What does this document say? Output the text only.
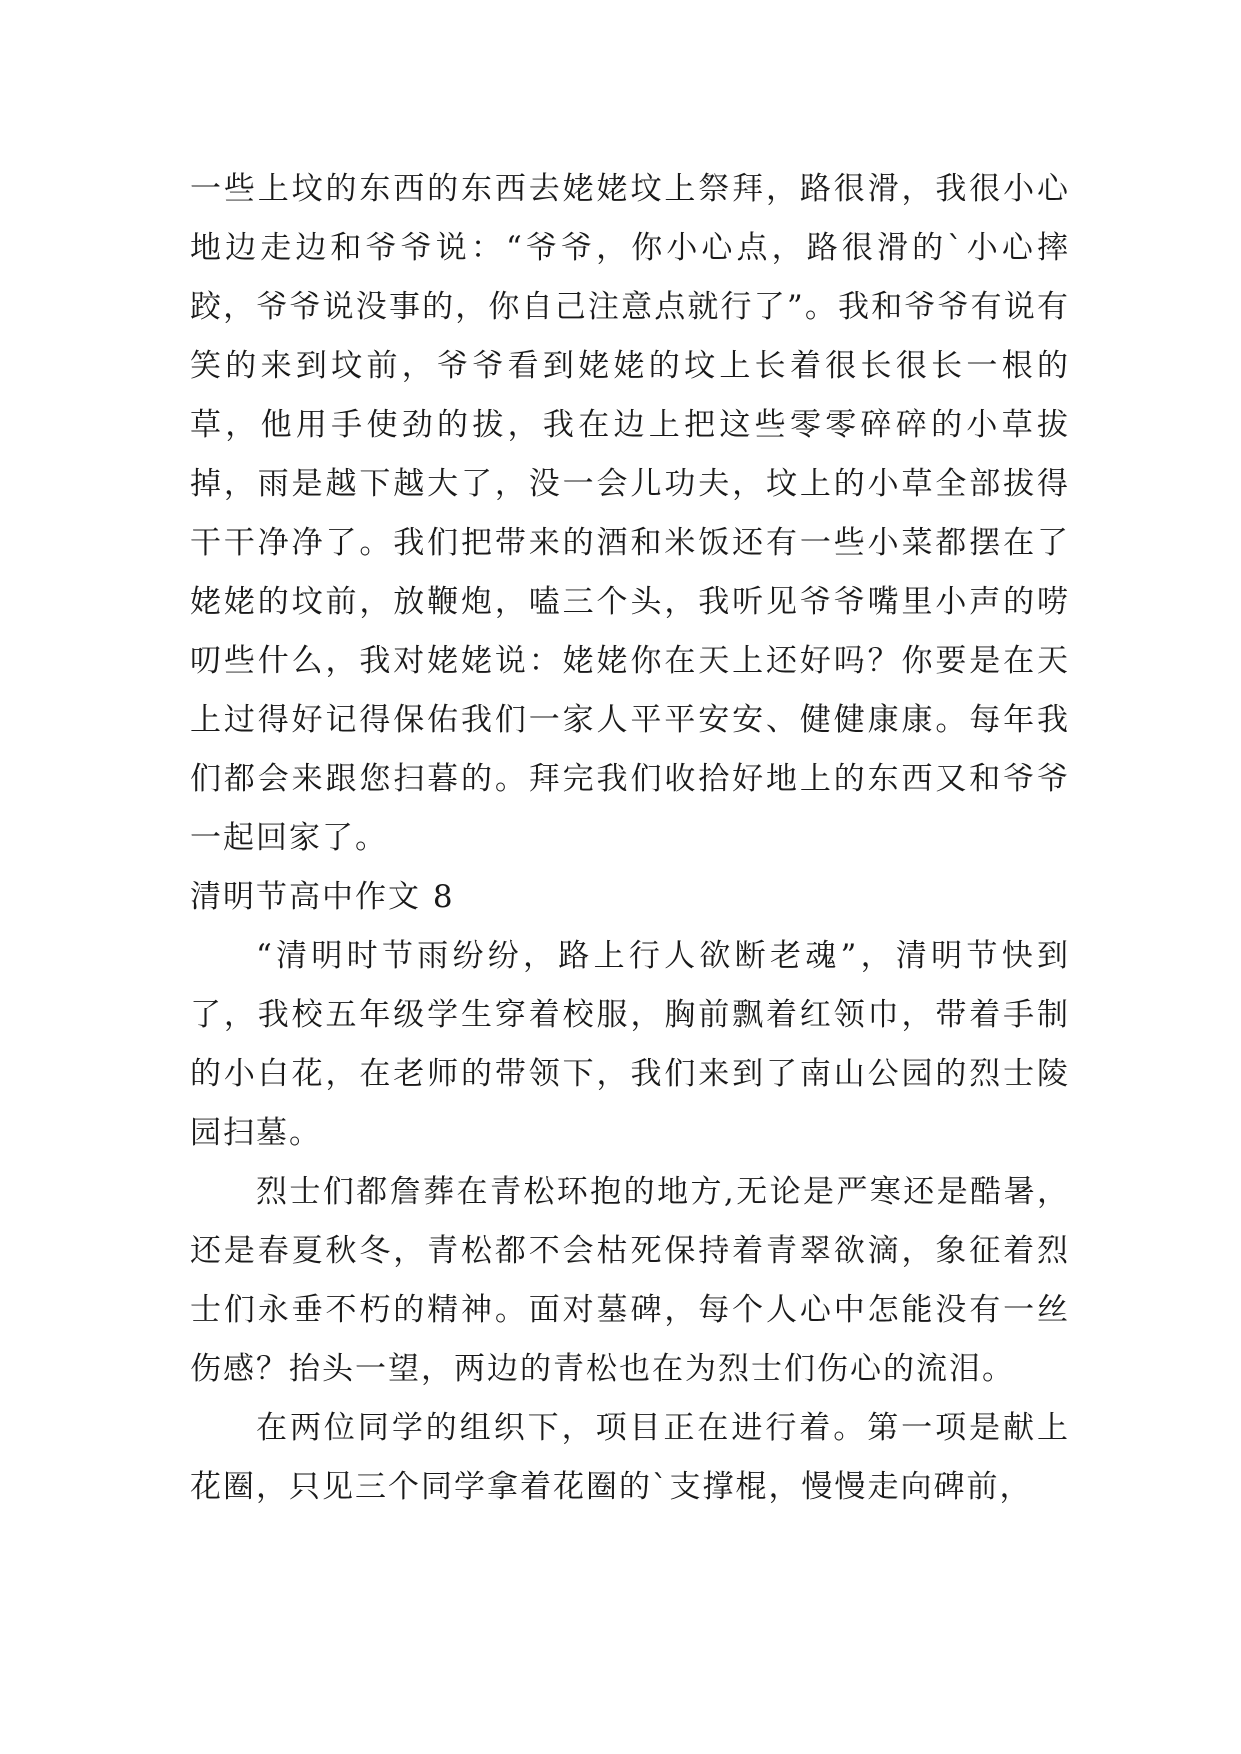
一些上坟的东西的东西去姥姥坟上祭拜，路很滑，我很小心地边走边和爷爷说：“爷爷，你小心点，路很滑的`小心摔跤，爷爷说没事的，你自己注意点就行了”。我和爷爷有说有笑的来到坟前，爷爷看到姥姥的坟上长着很长很长一根的草，他用手使劲的拔，我在边上把这些零零碎碎的小草拔掉，雨是越下越大了，没一会儿功夫，坟上的小草全部拔得干干净净了。我们把带来的酒和米饭还有一些小菜都摆在了姥姥的坟前，放鞭炮，嗑三个头，我听见爷爷嘴里小声的唠叨些什么，我对姥姥说：姥姥你在天上还好吗？你要是在天上过得好记得保佑我们一家人平平安安、健健康康。每年我们都会来跟您扫暮的。拜完我们收拾好地上的东西又和爷爷一起回家了。

清明节高中作文 8

“清明时节雨纷纷，路上行人欲断老魂”，清明节快到了，我校五年级学生穿着校服，胸前飘着红领巾，带着手制的小白花，在老师的带领下，我们来到了南山公园的烈士陵园扫墓。

烈士们都詹葬在青松环抱的地方,无论是严寒还是酷暑，还是春夏秋冬，青松都不会枯死保持着青翠欲滴，象征着烈士们永垂不朽的精神。面对墓碑，每个人心中怎能没有一丝伤感？抬头一望，两边的青松也在为烈士们伤心的流泪。

在两位同学的组织下，项目正在进行着。第一项是献上花圈，只见三个同学拿着花圈的`支撑棍，慢慢走向碑前，
